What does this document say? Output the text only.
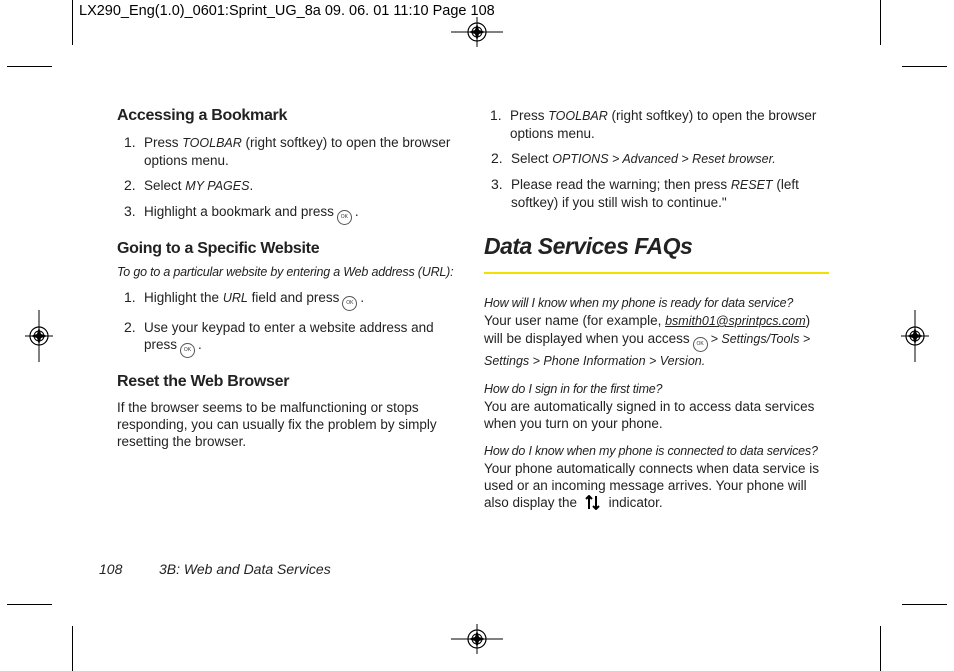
LX290_Eng(1.0)_0601:Sprint_UG_8a 09. 06. 01 11:10 Page 108
Accessing a Bookmark

1. Press TOOLBAR (right softkey) to open the browser options menu.

2. Select MY PAGES.

3. Highlight a bookmark and press OK .

Going to a Specific Website

To go to a particular website by entering a Web address (URL):

1. Highlight the URL field and press OK .

2. Use your keypad to enter a website address and press OK .

Reset the Web Browser

If the browser seems to be malfunctioning or stops responding, you can usually fix the problem by simply resetting the browser.

1. Press TOOLBAR (right softkey) to open the browser options menu.

2. Select OPTIONS > Advanced > Reset browser.

3. Please read the warning; then press RESET (left softkey) if you still wish to continue."

Data Services FAQs

How will I know when my phone is ready for data service?

Your user name (for example, bsmith01@sprintpcs.com) will be displayed when you access OK > Settings/Tools > Settings > Phone Information > Version.

How do I sign in for the first time?

You are automatically signed in to access data services when you turn on your phone.

How do I know when my phone is connected to data services?

Your phone automatically connects when data service is used or an incoming message arrives. Your phone will also display the indicator.

108	3B: Web and Data Services
